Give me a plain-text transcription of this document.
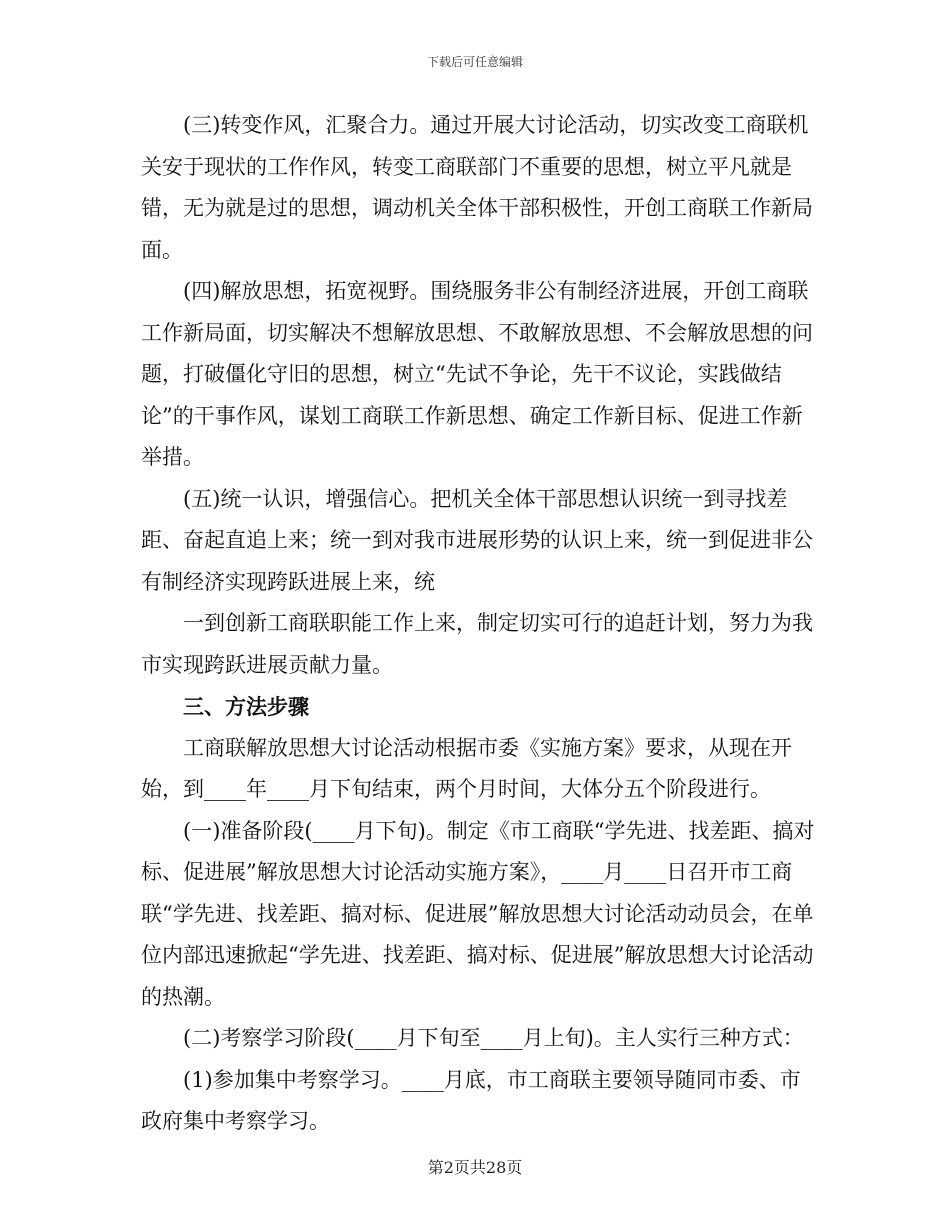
下载后可任意编辑

(三)转变作风，汇聚合力。通过开展大讨论活动，切实改变工商联机关安于现状的工作作风，转变工商联部门不重要的思想，树立平凡就是错，无为就是过的思想，调动机关全体干部积极性，开创工商联工作新局面。

(四)解放思想，拓宽视野。围绕服务非公有制经济进展，开创工商联工作新局面，切实解决不想解放思想、不敢解放思想、不会解放思想的问题，打破僵化守旧的思想，树立“先试不争论，先干不议论，实践做结论”的干事作风，谋划工商联工作新思想、确定工作新目标、促进工作新举措。

(五)统一认识，增强信心。把机关全体干部思想认识统一到寻找差距、奋起直追上来；统一到对我市进展形势的认识上来，统一到促进非公有制经济实现跨跃进展上来，统

一到创新工商联职能工作上来，制定切实可行的追赶计划，努力为我市实现跨跃进展贡献力量。

三、方法步骤

工商联解放思想大讨论活动根据市委《实施方案》要求，从现在开始，到____年____月下旬结束，两个月时间，大体分五个阶段进行。

(一)准备阶段(____月下旬)。制定《市工商联“学先进、找差距、搞对标、促进展”解放思想大讨论活动实施方案》，____月____日召开市工商联“学先进、找差距、搞对标、促进展”解放思想大讨论活动动员会，在单位内部迅速掀起“学先进、找差距、搞对标、促进展”解放思想大讨论活动的热潮。

(二)考察学习阶段(____月下旬至____月上旬)。主人实行三种方式：

(1)参加集中考察学习。____月底，市工商联主要领导随同市委、市政府集中考察学习。

第2页共28页
